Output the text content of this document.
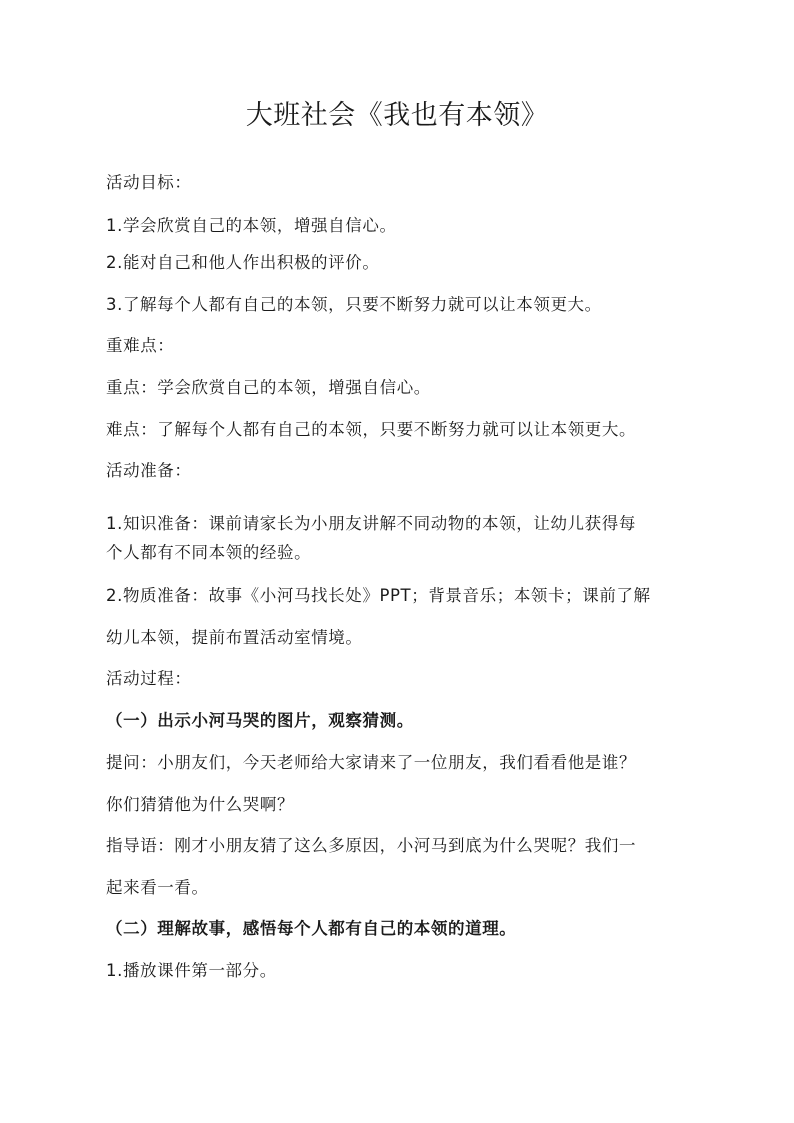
大班社会《我也有本领》
活动目标：
1.学会欣赏自己的本领，增强自信心。
2.能对自己和他人作出积极的评价。
3.了解每个人都有自己的本领，只要不断努力就可以让本领更大。
重难点：
重点：学会欣赏自己的本领，增强自信心。
难点：了解每个人都有自己的本领，只要不断努力就可以让本领更大。
活动准备：
1.知识准备：课前请家长为小朋友讲解不同动物的本领，让幼儿获得每
个人都有不同本领的经验。
2.物质准备：故事《小河马找长处》PPT；背景音乐；本领卡；课前了解
幼儿本领，提前布置活动室情境。
活动过程：
（一）出示小河马哭的图片，观察猜测。
提问：小朋友们，今天老师给大家请来了一位朋友，我们看看他是谁？
你们猜猜他为什么哭啊？
指导语：刚才小朋友猜了这么多原因，小河马到底为什么哭呢？我们一
起来看一看。
（二）理解故事，感悟每个人都有自己的本领的道理。
1.播放课件第一部分。
